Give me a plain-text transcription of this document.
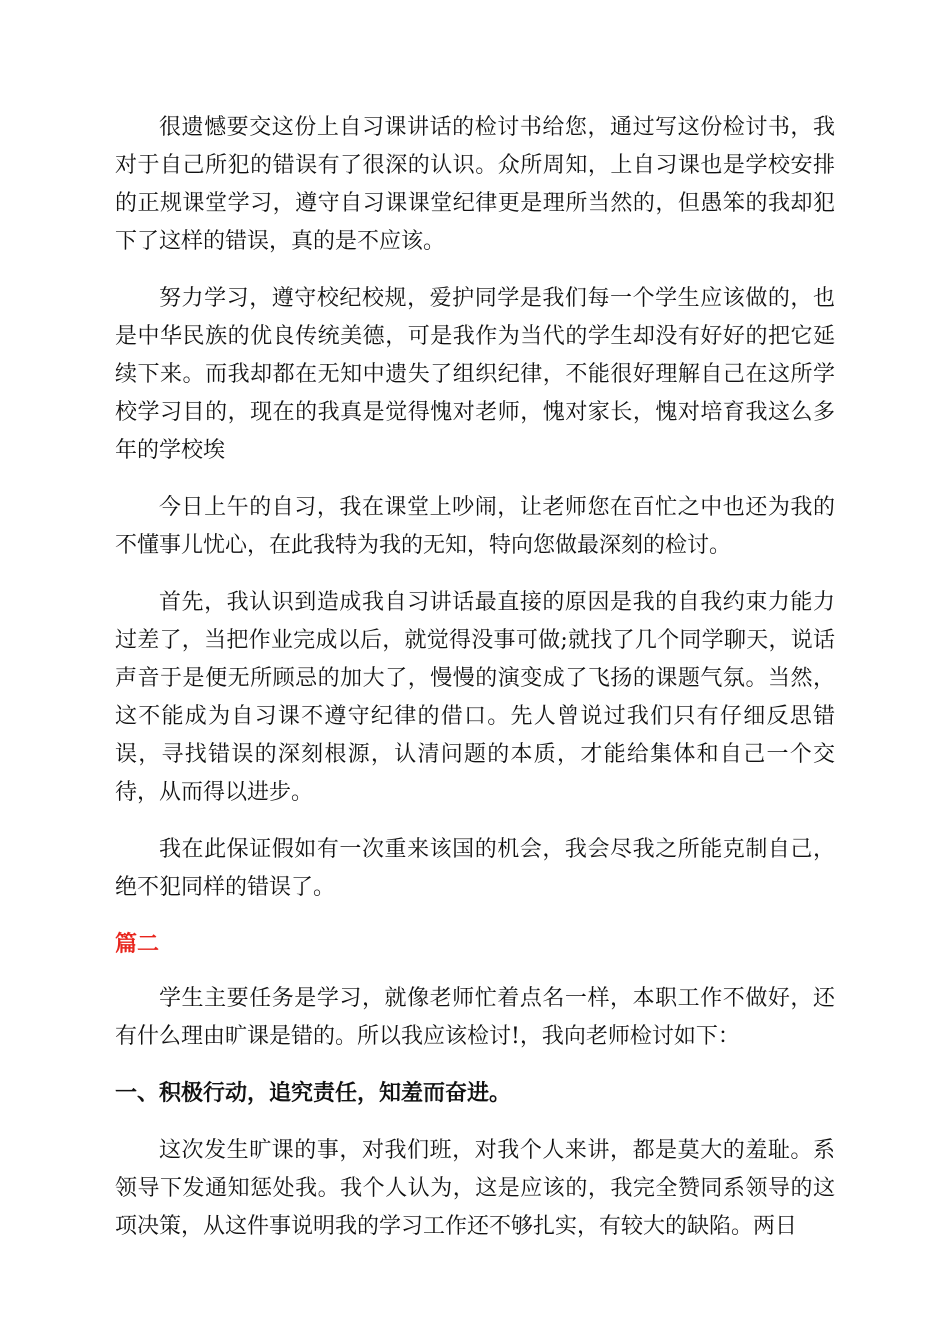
很遗憾要交这份上自习课讲话的检讨书给您，通过写这份检讨书，我对于自己所犯的错误有了很深的认识。众所周知，上自习课也是学校安排的正规课堂学习，遵守自习课课堂纪律更是理所当然的，但愚笨的我却犯下了这样的错误，真的是不应该。

努力学习，遵守校纪校规，爱护同学是我们每一个学生应该做的，也是中华民族的优良传统美德，可是我作为当代的学生却没有好好的把它延续下来。而我却都在无知中遗失了组织纪律，不能很好理解自己在这所学校学习目的，现在的我真是觉得愧对老师，愧对家长，愧对培育我这么多年的学校埃

今日上午的自习，我在课堂上吵闹，让老师您在百忙之中也还为我的不懂事儿忧心，在此我特为我的无知，特向您做最深刻的检讨。

首先，我认识到造成我自习讲话最直接的原因是我的自我约束力能力过差了，当把作业完成以后，就觉得没事可做;就找了几个同学聊天，说话声音于是便无所顾忌的加大了，慢慢的演变成了飞扬的课题气氛。当然，这不能成为自习课不遵守纪律的借口。先人曾说过我们只有仔细反思错误，寻找错误的深刻根源，认清问题的本质，才能给集体和自己一个交待，从而得以进步。

我在此保证假如有一次重来该国的机会，我会尽我之所能克制自己，绝不犯同样的错误了。

篇二

学生主要任务是学习，就像老师忙着点名一样，本职工作不做好，还有什么理由旷课是错的。所以我应该检讨!，我向老师检讨如下：

一、积极行动，追究责任，知羞而奋进。

这次发生旷课的事，对我们班，对我个人来讲，都是莫大的羞耻。系领导下发通知惩处我。我个人认为，这是应该的，我完全赞同系领导的这项决策，从这件事说明我的学习工作还不够扎实，有较大的缺陷。两日
